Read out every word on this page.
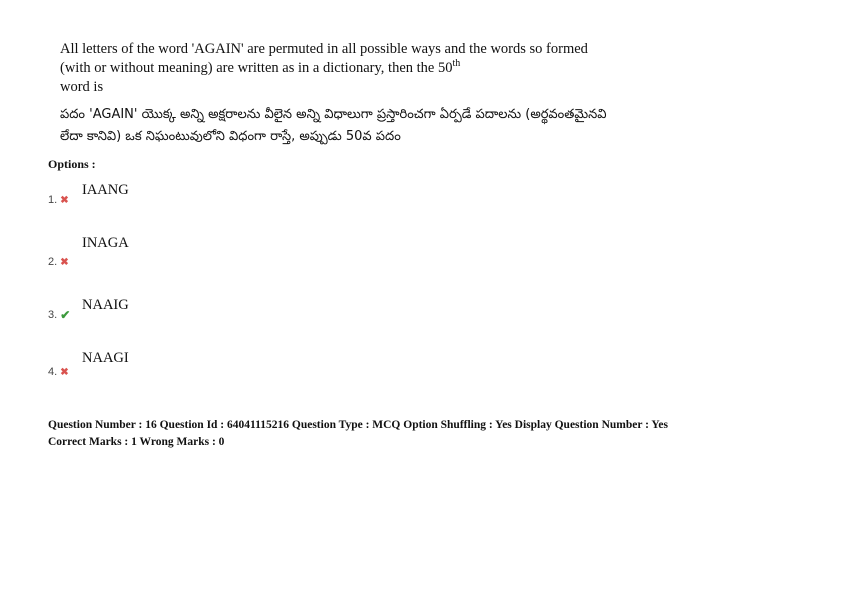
All letters of the word 'AGAIN' are permuted in all possible ways and the words so formed (with or without meaning) are written as in a dictionary, then the 50th
word is
పదం 'AGAIN' యొక్క అన్ని అక్షరాలను వీలైన అన్ని విధాలుగా ప్రస్తారించగా ఏర్పడే పదాలను (అర్థవంతమైనవి లేదా కానివి) ఒక నిఘంటువులోని విధంగా రాస్తే, అప్పుడు 50వ పదం
Options :
IAANG
1. ✖
INAGA
2. ✖
NAAIG
3. ✔
NAAGI
4. ✖
Question Number : 16 Question Id : 64041115216 Question Type : MCQ Option Shuffling : Yes Display Question Number : Yes
Correct Marks : 1 Wrong Marks : 0
